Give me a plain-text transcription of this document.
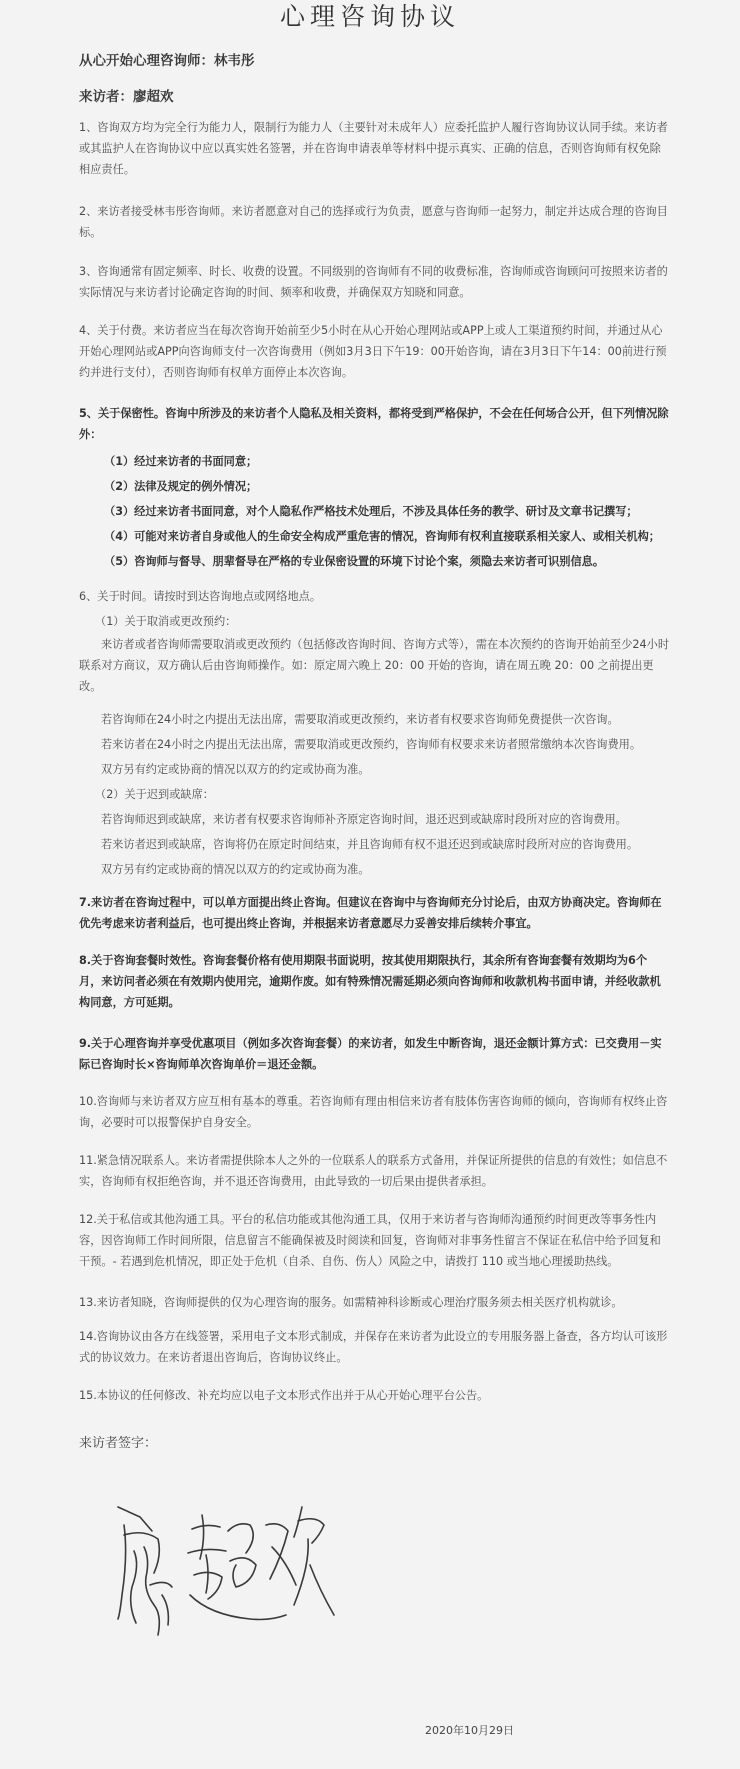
心理咨询协议
从心开始心理咨询师：林韦彤
来访者：廖超欢
1、咨询双方均为完全行为能力人，限制行为能力人（主要针对未成年人）应委托监护人履行咨询协议认同手续。来访者或其监护人在咨询协议中应以真实姓名签署，并在咨询申请表单等材料中提示真实、正确的信息，否则咨询师有权免除相应责任。
2、来访者接受林韦彤咨询师。来访者愿意对自己的选择或行为负责，愿意与咨询师一起努力，制定并达成合理的咨询目标。
3、咨询通常有固定频率、时长、收费的设置。不同级别的咨询师有不同的收费标准，咨询师或咨询顾问可按照来访者的实际情况与来访者讨论确定咨询的时间、频率和收费，并确保双方知晓和同意。
4、关于付费。来访者应当在每次咨询开始前至少5小时在从心开始心理网站或APP上或人工渠道预约时间，并通过从心开始心理网站或APP向咨询师支付一次咨询费用（例如3月3日下午19：00开始咨询，请在3月3日下午14：00前进行预约并进行支付），否则咨询师有权单方面停止本次咨询。
5、关于保密性。咨询中所涉及的来访者个人隐私及相关资料，都将受到严格保护，不会在任何场合公开，但下列情况除外：
（1）经过来访者的书面同意；
（2）法律及规定的例外情况；
（3）经过来访者书面同意，对个人隐私作严格技术处理后，不涉及具体任务的教学、研讨及文章书记撰写；
（4）可能对来访者自身或他人的生命安全构成严重危害的情况，咨询师有权利直接联系相关家人、或相关机构；
（5）咨询师与督导、朋辈督导在严格的专业保密设置的环境下讨论个案，须隐去来访者可识别信息。
6、关于时间。请按时到达咨询地点或网络地点。
（1）关于取消或更改预约：
来访者或者咨询师需要取消或更改预约（包括修改咨询时间、咨询方式等），需在本次预约的咨询开始前至少24小时联系对方商议，双方确认后由咨询师操作。如：原定周六晚上 20：00 开始的咨询，请在周五晚 20：00 之前提出更改。
若咨询师在24小时之内提出无法出席，需要取消或更改预约，来访者有权要求咨询师免费提供一次咨询。
若来访者在24小时之内提出无法出席，需要取消或更改预约，咨询师有权要求来访者照常缴纳本次咨询费用。
双方另有约定或协商的情况以双方的约定或协商为准。
（2）关于迟到或缺席：
若咨询师迟到或缺席，来访者有权要求咨询师补齐原定咨询时间，退还迟到或缺席时段所对应的咨询费用。
若来访者迟到或缺席，咨询将仍在原定时间结束，并且咨询师有权不退还迟到或缺席时段所对应的咨询费用。
双方另有约定或协商的情况以双方的约定或协商为准。
7.来访者在咨询过程中，可以单方面提出终止咨询。但建议在咨询中与咨询师充分讨论后，由双方协商决定。咨询师在优先考虑来访者利益后，也可提出终止咨询，并根据来访者意愿尽力妥善安排后续转介事宜。
8.关于咨询套餐时效性。咨询套餐价格有使用期限书面说明，按其使用期限执行，其余所有咨询套餐有效期均为6个月，来访问者必须在有效期内使用完，逾期作废。如有特殊情况需延期必须向咨询师和收款机构书面申请，并经收款机构同意，方可延期。
9.关于心理咨询并享受优惠项目（例如多次咨询套餐）的来访者，如发生中断咨询，退还金额计算方式：已交费用－实际已咨询时长×咨询师单次咨询单价＝退还金额。
10.咨询师与来访者双方应互相有基本的尊重。若咨询师有理由相信来访者有肢体伤害咨询师的倾向，咨询师有权终止咨询，必要时可以报警保护自身安全。
11.紧急情况联系人。来访者需提供除本人之外的一位联系人的联系方式备用，并保证所提供的信息的有效性；如信息不实，咨询师有权拒绝咨询，并不退还咨询费用，由此导致的一切后果由提供者承担。
12.关于私信或其他沟通工具。平台的私信功能或其他沟通工具，仅用于来访者与咨询师沟通预约时间更改等事务性内容，因咨询师工作时间所限，信息留言不能确保被及时阅读和回复，咨询师对非事务性留言不保证在私信中给予回复和干预。- 若遇到危机情况，即正处于危机（自杀、自伤、伤人）风险之中，请拨打 110 或当地心理援助热线。
13.来访者知晓，咨询师提供的仅为心理咨询的服务。如需精神科诊断或心理治疗服务须去相关医疗机构就诊。
14.咨询协议由各方在线签署，采用电子文本形式制成，并保存在来访者为此设立的专用服务器上备查，各方均认可该形式的协议效力。在来访者退出咨询后，咨询协议终止。
15.本协议的任何修改、补充均应以电子文本形式作出并于从心开始心理平台公告。
来访者签字：
2020年10月29日
